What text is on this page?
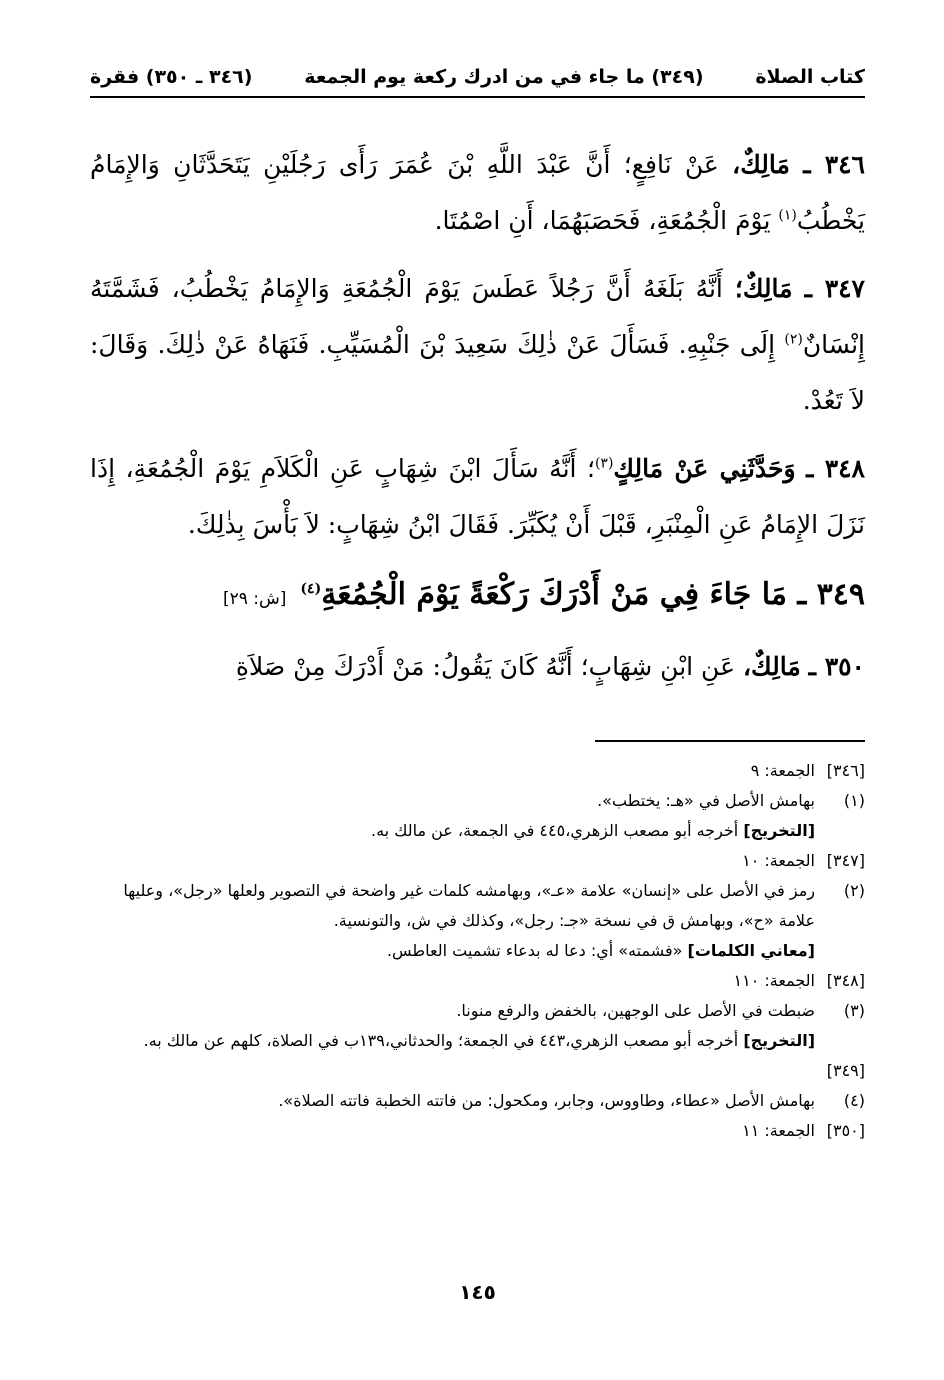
كتاب الصلاة
(٣٤٩) ما جاء في من ادرك ركعة يوم الجمعة
(٣٤٦ ـ ٣٥٠) فقرة

٣٤٦ ـ مَالِكٌ، عَنْ نَافِعٍ؛ أَنَّ عَبْدَ اللَّهِ بْنَ عُمَرَ رَأَى رَجُلَيْنِ يَتَحَدَّثَانِ وَالإِمَامُ يَخْطُبُ$^{(١)}$ يَوْمَ الْجُمُعَةِ، فَحَصَبَهُمَا، أَنِ اصْمُتَا.

٣٤٧ ـ مَالِكٌ؛ أَنَّهُ بَلَغَهُ أَنَّ رَجُلاً عَطَسَ يَوْمَ الْجُمُعَةِ وَالإِمَامُ يَخْطُبُ، فَشَمَّتَهُ إِنْسَانٌ$^{(٢)}$ إِلَى جَنْبِهِ. فَسَأَلَ عَنْ ذٰلِكَ سَعِيدَ بْنَ الْمُسَيِّبِ. فَنَهَاهُ عَنْ ذٰلِكَ. وَقَالَ: لاَ تَعُدْ.

٣٤٨ ـ وَحَدَّثَنِي عَنْ مَالِكٍ$^{(٣)}$؛ أَنَّهُ سَأَلَ ابْنَ شِهَابٍ عَنِ الْكَلاَمِ يَوْمَ الْجُمُعَةِ، إِذَا نَزَلَ الإِمَامُ عَنِ الْمِنْبَرِ، قَبْلَ أَنْ يُكَبِّرَ. فَقَالَ ابْنُ شِهَابٍ: لاَ بَأْسَ بِذٰلِكَ.

٣٤٩ ـ مَا جَاءَ فِي مَنْ أَدْرَكَ رَكْعَةً يَوْمَ الْجُمُعَةِ$^{(٤)}$
[ش: ٢٩]

٣٥٠ ـ مَالِكٌ، عَنِ ابْنِ شِهَابٍ؛ أَنَّهُ كَانَ يَقُولُ: مَنْ أَدْرَكَ مِنْ صَلاَةِ

[٣٤٦]
الجمعة: ٩
(١)
بهامش الأصل في «هـ: يختطب».
[التخريج] أخرجه أبو مصعب الزهري،٤٤٥ في الجمعة، عن مالك به.
[٣٤٧]
الجمعة: ١٠
(٢)
رمز في الأصل على «إنسان» علامة «عـ»، وبهامشه كلمات غير واضحة في التصوير ولعلها «رجل»، وعليها علامة «ح»، وبهامش ق في نسخة «جـ: رجل»، وكذلك في ش، والتونسية.
[معاني الكلمات] «فشمته» أي: دعا له بدعاء تشميت العاطس.
[٣٤٨]
الجمعة: ١١٠
(٣)
ضبطت في الأصل على الوجهين، بالخفض والرفع منونا.
[التخريج] أخرجه أبو مصعب الزهري،٤٤٣ في الجمعة؛ والحدثاني،١٣٩ب في الصلاة، كلهم عن مالك به.
[٣٤٩]
(٤)
بهامش الأصل «عطاء، وطاووس، وجابر، ومكحول: من فاتته الخطبة فاتته الصلاة».
[٣٥٠]
الجمعة: ١١
١٤٥
